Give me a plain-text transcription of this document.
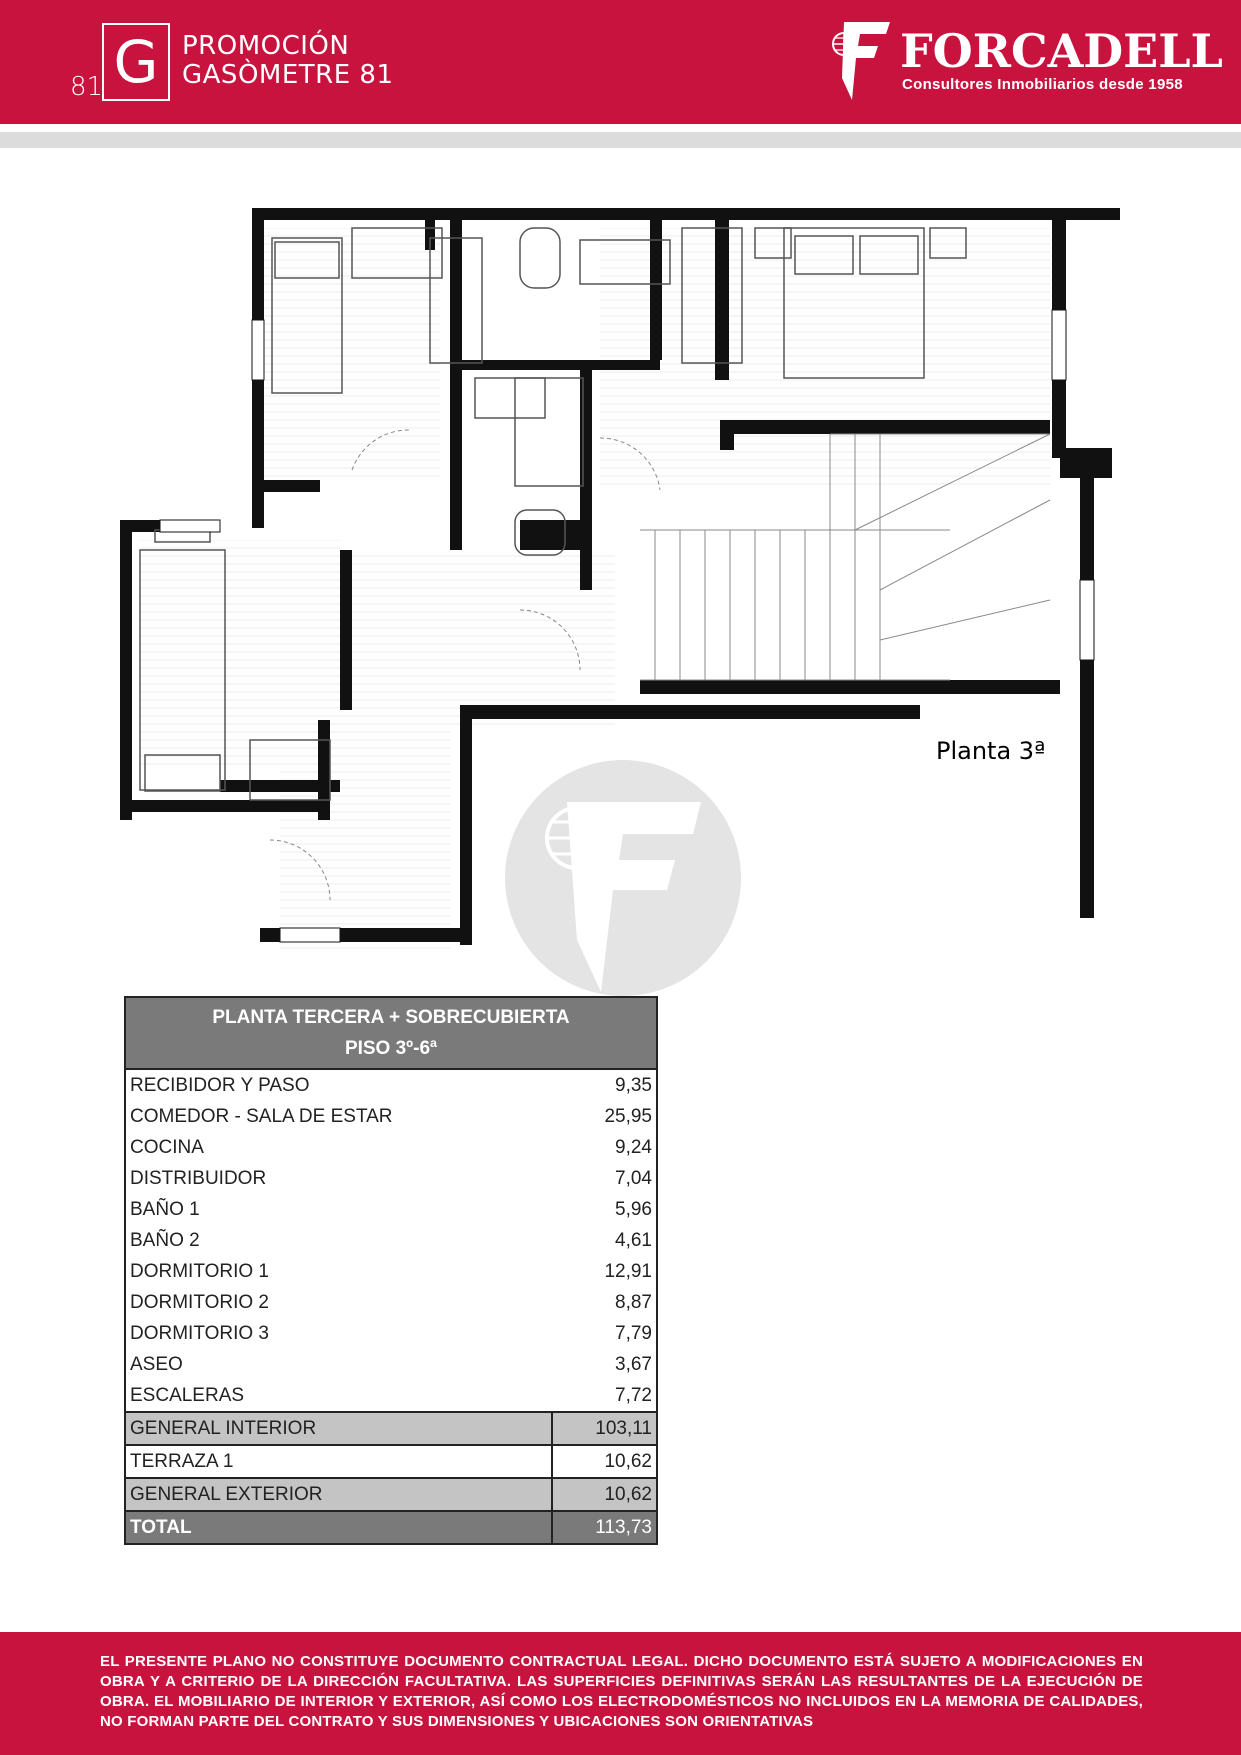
81 G PROMOCIÓN
GASÒMETRE 81	FORCADELL
Consultores Inmobiliarios desde 1958
Planta 3ª
PLANTA TERCERA + SOBRECUBIERTA	
PISO 3º-6ª	
RECIBIDOR Y PASO	9,35
COMEDOR - SALA DE ESTAR	25,95
COCINA	9,24
DISTRIBUIDOR	7,04
BAÑO 1	5,96
BAÑO 2	4,61
DORMITORIO 1	12,91
DORMITORIO 2	8,87
DORMITORIO 3	7,79
ASEO	3,67
ESCALERAS	7,72
GENERAL INTERIOR	103,11
TERRAZA 1	10,62
GENERAL EXTERIOR	10,62
TOTAL	113,73
EL PRESENTE PLANO NO CONSTITUYE DOCUMENTO CONTRACTUAL LEGAL. DICHO DOCUMENTO ESTÁ SUJETO A MODIFICACIONES EN OBRA Y A CRITERIO DE LA DIRECCIÓN FACULTATIVA. LAS SUPERFICIES DEFINITIVAS SERÁN LAS RESULTANTES DE LA EJECUCIÓN DE OBRA. EL MOBILIARIO DE INTERIOR Y EXTERIOR, ASÍ COMO LOS ELECTRODOMÉSTICOS NO INCLUIDOS EN LA MEMORIA DE CALIDADES, NO FORMAN PARTE DEL CONTRATO Y SUS DIMENSIONES Y UBICACIONES SON ORIENTATIVAS
